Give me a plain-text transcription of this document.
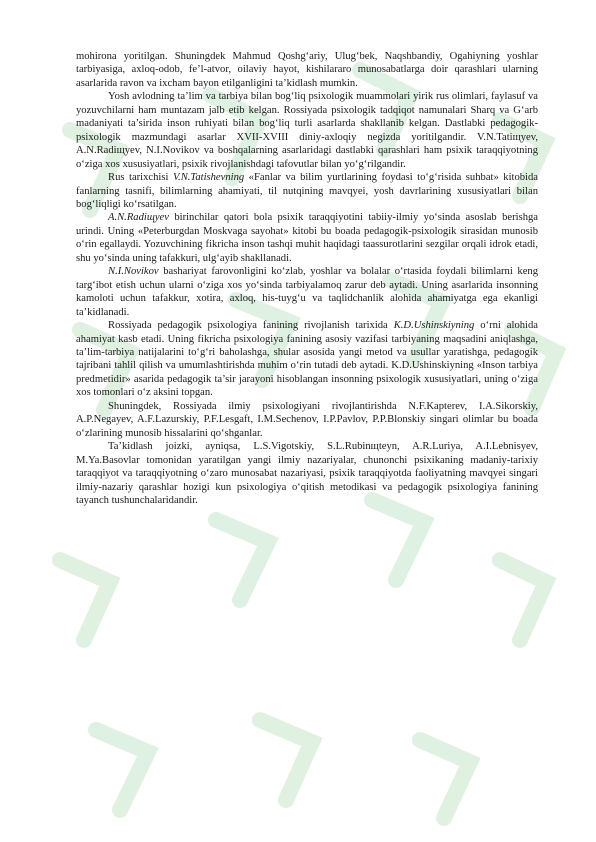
mohirona yoritilgan. Shuningdek Mahmud Qoshg‘ariy, Ulug‘bek, Naqshbandiy, Ogahiyning yoshlar tarbiyasiga, axloq-odob, fe’l-atvor, oilaviy hayot, kishilararo munosabatlarga doir qarashlari ularning asarlarida ravon va ixcham bayon etilganligini ta’kidlash mumkin.

Yosh avlodning ta’lim va tarbiya bilan bog‘liq psixologik muammolari yirik rus olimlari, faylasuf va yozuvchilarni ham muntazam jalb etib kelgan. Rossiyada psixologik tadqiqot namunalari Sharq va G‘arb madaniyati ta’sirida inson ruhiyati bilan bog‘liq turli asarlarda shakllanib kelgan. Dastlabki pedagogik-psixologik mazmundagi asarlar XVII-XVIII diniy-axloqiy negizda yoritilgandir. V.N.Tatiщyev, A.N.Radiщyev, N.I.Novikov va boshqalarning asarlaridagi dastlabki qarashlari ham psixik taraqqiyotning o‘ziga xos xususiyatlari, psixik rivojlanishdagi tafovutlar bilan yo‘g‘rilgandir.

Rus tarixchisi V.N.Tatishevning «Fanlar va bilim yurtlarining foydasi to‘g‘risida suhbat» kitobida fanlarning tasnifi, bilimlarning ahamiyati, til nutqining mavqyei, yosh davrlarining xususiyatlari bilan bog‘liqligi ko‘rsatilgan.

A.N.Radiщyev birinchilar qatori bola psixik taraqqiyotini tabiiy-ilmiy yo‘sinda asoslab berishga urindi. Uning «Peterburgdan Moskvaga sayohat» kitobi bu boada pedagogik-psixologik sirasidan munosib o‘rin egallaydi. Yozuvchining fikricha inson tashqi muhit haqidagi taassurotlarini sezgilar orqali idrok etadi, shu yo‘sinda uning tafakkuri, ulg‘ayib shakllanadi.

N.I.Novikov bashariyat farovonligini ko‘zlab, yoshlar va bolalar o‘rtasida foydali bilimlarni keng targ‘ibot etish uchun ularni o‘ziga xos yo‘sinda tarbiyalamoq zarur deb aytadi. Uning asarlarida insonning kamoloti uchun tafakkur, xotira, axloq, his-tuyg‘u va taqlidchanlik alohida ahamiyatga ega ekanligi ta’kidlanadi.

Rossiyada pedagogik psixologiya fanining rivojlanish tarixida K.D.Ushinskiyning o‘rni alohida ahamiyat kasb etadi. Uning fikricha psixologiya fanining asosiy vazifasi tarbiyaning maqsadini aniqlashga, ta’lim-tarbiya natijalarini to‘g‘ri baholashga, shular asosida yangi metod va usullar yaratishga, pedagogik tajribani tahlil qilish va umumlashtirishda muhim o‘rin tutadi deb aytadi. K.D.Ushinskiyning «Inson tarbiya predmetidir» asarida pedagogik ta’sir jarayoni hisoblangan insonning psixologik xususiyatlari, uning o‘ziga xos tomonlari o‘z aksini topgan.

Shuningdek, Rossiyada ilmiy psixologiyani rivojlantirishda N.F.Kapterev, I.A.Sikorskiy, A.P.Negayev, A.F.Lazurskiy, P.F.Lesgaft, I.M.Sechenov, I.P.Pavlov, P.P.Blonskiy singari olimlar bu boada o‘zlarining munosib hissalarini qo‘shganlar.

Ta’kidlash joizki, ayniqsa, L.S.Vigotskiy, S.L.Rubinщteyn, A.R.Luriya, A.I.Lebnisyev, M.Ya.Basovlar tomonidan yaratilgan yangi ilmiy nazariyalar, chunonchi psixikaning madaniy-tarixiy taraqqiyot va taraqqiyotning o‘zaro munosabat nazariyasi, psixik taraqqiyotda faoliyatning mavqyei singari ilmiy-nazariy qarashlar hozigi kun psixologiya o‘qitish metodikasi va pedagogik psixologiya fanining tayanch tushunchalaridandir.
